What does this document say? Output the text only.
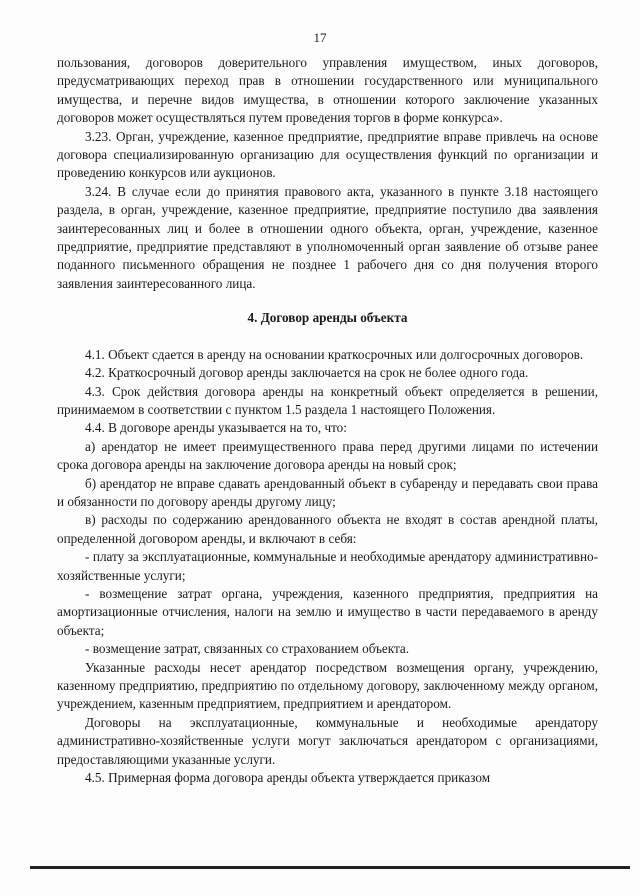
17

пользования, договоров доверительного управления имуществом, иных договоров, предусматривающих переход прав в отношении государственного или муниципального имущества, и перечне видов имущества, в отношении которого заключение указанных договоров может осуществляться путем проведения торгов в форме конкурса».

3.23. Орган, учреждение, казенное предприятие, предприятие вправе привлечь на основе договора специализированную организацию для осуществления функций по организации и проведению конкурсов или аукционов.

3.24. В случае если до принятия правового акта, указанного в пункте 3.18 настоящего раздела, в орган, учреждение, казенное предприятие, предприятие поступило два заявления заинтересованных лиц и более в отношении одного объекта, орган, учреждение, казенное предприятие, предприятие представляют в уполномоченный орган заявление об отзыве ранее поданного письменного обращения не позднее 1 рабочего дня со дня получения второго заявления заинтересованного лица.

4. Договор аренды объекта

4.1. Объект сдается в аренду на основании краткосрочных или долгосрочных договоров.

4.2. Краткосрочный договор аренды заключается на срок не более одного года.

4.3. Срок действия договора аренды на конкретный объект определяется в решении, принимаемом в соответствии с пунктом 1.5 раздела 1 настоящего Положения.

4.4. В договоре аренды указывается на то, что:

а) арендатор не имеет преимущественного права перед другими лицами по истечении срока договора аренды на заключение договора аренды на новый срок;

б) арендатор не вправе сдавать арендованный объект в субаренду и передавать свои права и обязанности по договору аренды другому лицу;

в) расходы по содержанию арендованного объекта не входят в состав арендной платы, определенной договором аренды, и включают в себя:

- плату за эксплуатационные, коммунальные и необходимые арендатору административно-хозяйственные услуги;

- возмещение затрат органа, учреждения, казенного предприятия, предприятия на амортизационные отчисления, налоги на землю и имущество в части передаваемого в аренду объекта;

- возмещение затрат, связанных со страхованием объекта.

Указанные расходы несет арендатор посредством возмещения органу, учреждению, казенному предприятию, предприятию по отдельному договору, заключенному между органом, учреждением, казенным предприятием, предприятием и арендатором.

Договоры на эксплуатационные, коммунальные и необходимые арендатору административно-хозяйственные услуги могут заключаться арендатором с организациями, предоставляющими указанные услуги.

4.5. Примерная форма договора аренды объекта утверждается приказом
